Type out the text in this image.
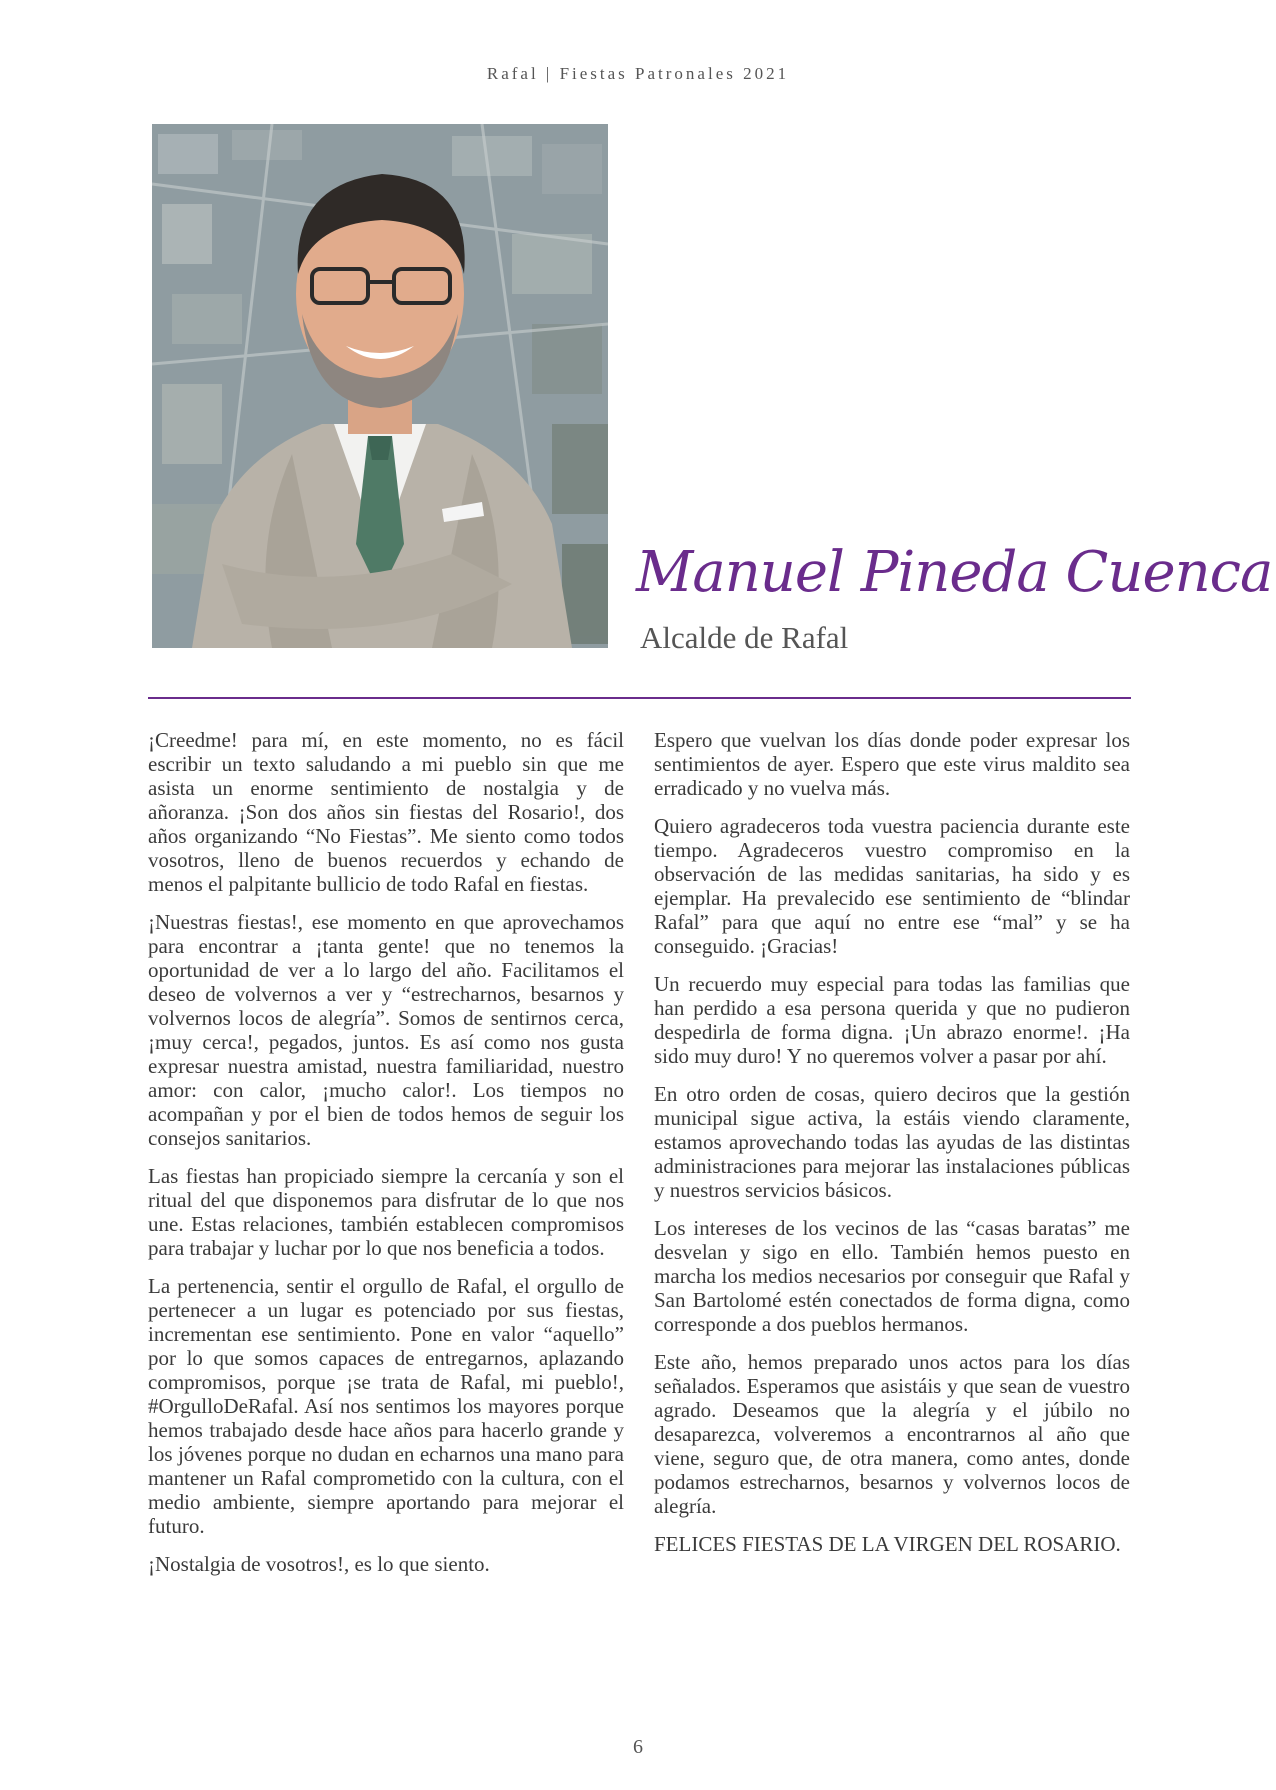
Rafal | Fiestas Patronales 2021
Manuel Pineda Cuenca
Alcalde de Rafal

¡Creedme! para mí, en este momento, no es fácil escribir un texto saludando a mi pueblo sin que me asista un enorme sentimiento de nostalgia y de añoranza. ¡Son dos años sin fiestas del Rosario!, dos años organizando “No Fiestas”. Me siento como todos vosotros, lleno de buenos recuerdos y echando de menos el palpitante bullicio de todo Rafal en fiestas.

¡Nuestras fiestas!, ese momento en que aprovechamos para encontrar a ¡tanta gente! que no tenemos la oportunidad de ver a lo largo del año. Facilitamos el deseo de volvernos a ver y “estrecharnos, besarnos y volvernos locos de alegría”. Somos de sentirnos cerca, ¡muy cerca!, pegados, juntos. Es así como nos gusta expresar nuestra amistad, nuestra familiaridad, nuestro amor: con calor, ¡mucho calor!. Los tiempos no acompañan y por el bien de todos hemos de seguir los consejos sanitarios.

Las fiestas han propiciado siempre la cercanía y son el ritual del que disponemos para disfrutar de lo que nos une. Estas relaciones, también establecen compromisos para trabajar y luchar por lo que nos beneficia a todos.

La pertenencia, sentir el orgullo de Rafal, el orgullo de pertenecer a un lugar es potenciado por sus fiestas, incrementan ese sentimiento. Pone en valor “aquello” por lo que somos capaces de entregarnos, aplazando compromisos, porque ¡se trata de Rafal, mi pueblo!, #OrgulloDeRafal. Así nos sentimos los mayores porque hemos trabajado desde hace años para hacerlo grande y los jóvenes porque no dudan en echarnos una mano para mantener un Rafal comprometido con la cultura, con el medio ambiente, siempre aportando para mejorar el futuro.

¡Nostalgia de vosotros!, es lo que siento.

Espero que vuelvan los días donde poder expresar los sentimientos de ayer. Espero que este virus maldito sea erradicado y no vuelva más.

Quiero agradeceros toda vuestra paciencia durante este tiempo. Agradeceros vuestro compromiso en la observación de las medidas sanitarias, ha sido y es ejemplar. Ha prevalecido ese sentimiento de “blindar Rafal” para que aquí no entre ese “mal” y se ha conseguido. ¡Gracias!

Un recuerdo muy especial para todas las familias que han perdido a esa persona querida y que no pudieron despedirla de forma digna. ¡Un abrazo enorme!. ¡Ha sido muy duro! Y no queremos volver a pasar por ahí.

En otro orden de cosas, quiero deciros que la gestión municipal sigue activa, la estáis viendo claramente, estamos aprovechando todas las ayudas de las distintas administraciones para mejorar las instalaciones públicas y nuestros servicios básicos.

Los intereses de los vecinos de las “casas baratas” me desvelan y sigo en ello. También hemos puesto en marcha los medios necesarios por conseguir que Rafal y San Bartolomé estén conectados de forma digna, como corresponde a dos pueblos hermanos.

Este año, hemos preparado unos actos para los días señalados. Esperamos que asistáis y que sean de vuestro agrado. Deseamos que la alegría y el júbilo no desaparezca, volveremos a encontrarnos al año que viene, seguro que, de otra manera, como antes, donde podamos estrecharnos, besarnos y volvernos locos de alegría.

FELICES FIESTAS DE LA VIRGEN DEL ROSARIO.

6
